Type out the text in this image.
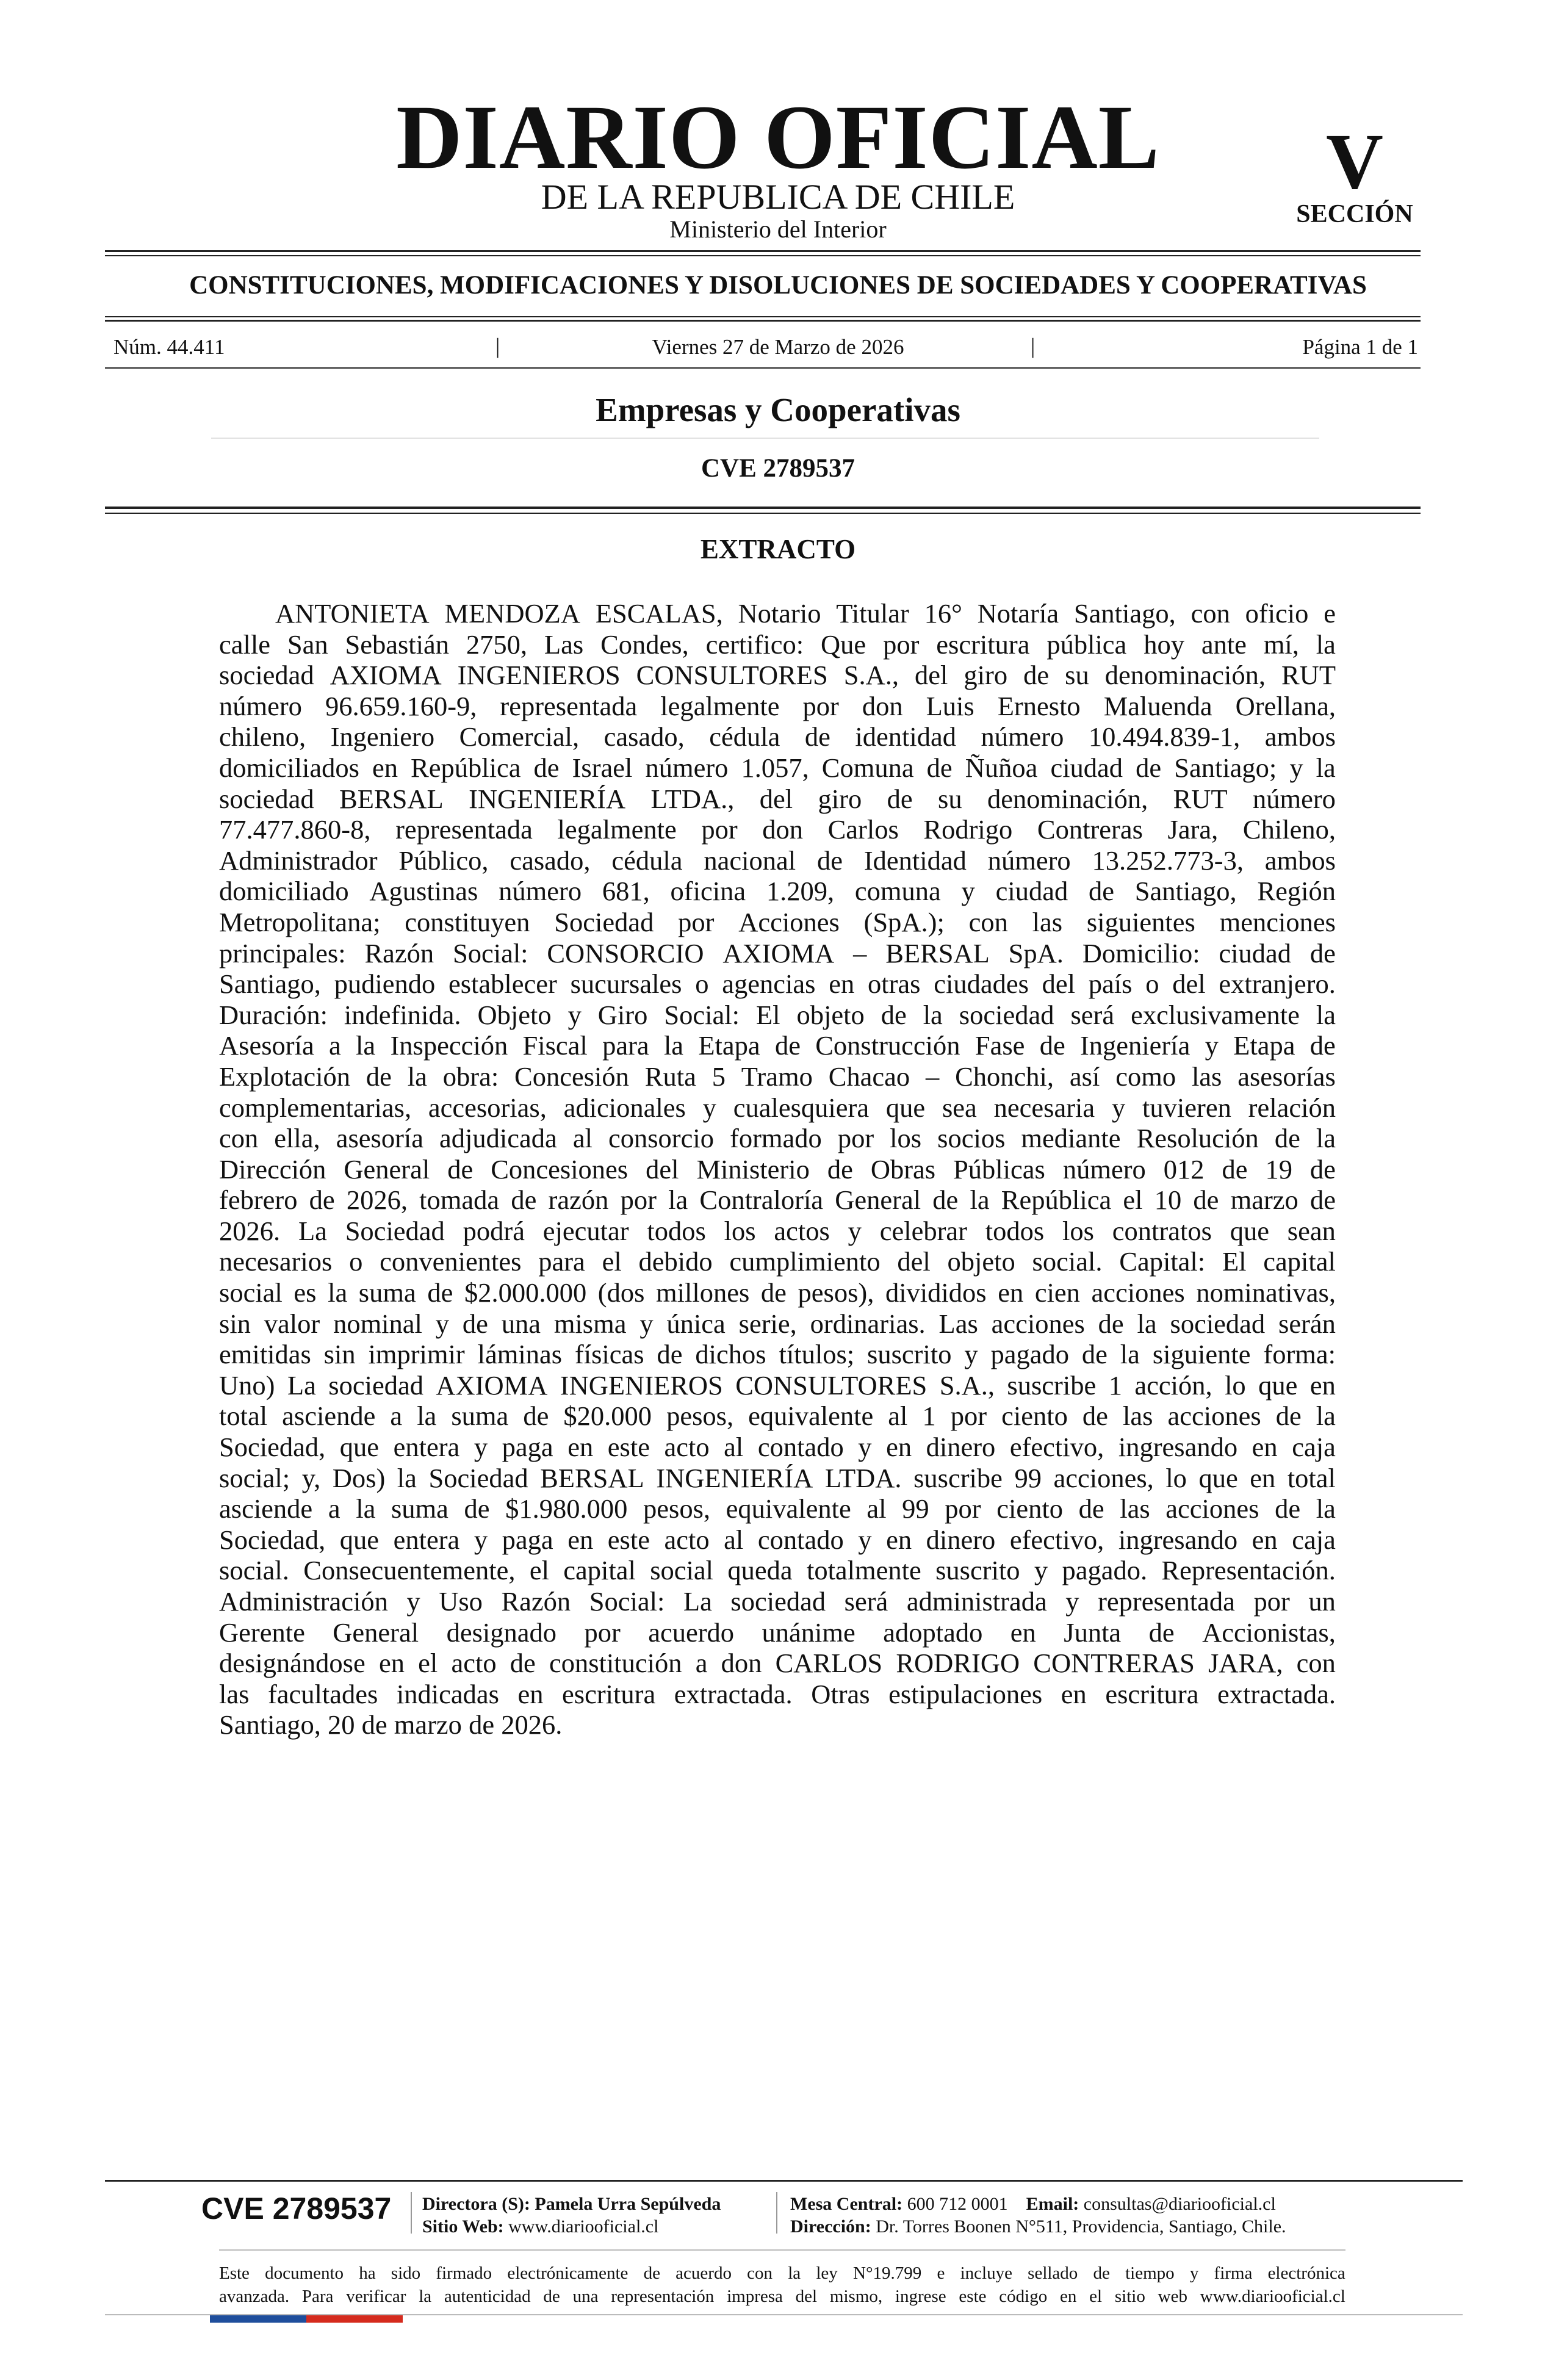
DIARIO OFICIAL
DE LA REPUBLICA DE CHILE
Ministerio del Interior
V
SECCIÓN
CONSTITUCIONES, MODIFICACIONES Y DISOLUCIONES DE SOCIEDADES Y COOPERATIVAS
Núm. 44.411	|	Viernes 27 de Marzo de 2026	|	Página 1 de 1
Empresas y Cooperativas
CVE 2789537
EXTRACTO
ANTONIETA MENDOZA ESCALAS, Notario Titular 16° Notaría Santiago, con oficio e
calle San Sebastián 2750, Las Condes, certifico: Que por escritura pública hoy ante mí, la
sociedad AXIOMA INGENIEROS CONSULTORES S.A., del giro de su denominación, RUT
número 96.659.160-9, representada legalmente por don Luis Ernesto Maluenda Orellana,
chileno, Ingeniero Comercial, casado, cédula de identidad número 10.494.839-1, ambos
domiciliados en República de Israel número 1.057, Comuna de Ñuñoa ciudad de Santiago; y la
sociedad BERSAL INGENIERÍA LTDA., del giro de su denominación, RUT número
77.477.860-8, representada legalmente por don Carlos Rodrigo Contreras Jara, Chileno,
Administrador Público, casado, cédula nacional de Identidad número 13.252.773-3, ambos
domiciliado Agustinas número 681, oficina 1.209, comuna y ciudad de Santiago, Región
Metropolitana; constituyen Sociedad por Acciones (SpA.); con las siguientes menciones
principales: Razón Social: CONSORCIO AXIOMA – BERSAL SpA. Domicilio: ciudad de
Santiago, pudiendo establecer sucursales o agencias en otras ciudades del país o del extranjero.
Duración: indefinida. Objeto y Giro Social: El objeto de la sociedad será exclusivamente la
Asesoría a la Inspección Fiscal para la Etapa de Construcción Fase de Ingeniería y Etapa de
Explotación de la obra: Concesión Ruta 5 Tramo Chacao – Chonchi, así como las asesorías
complementarias, accesorias, adicionales y cualesquiera que sea necesaria y tuvieren relación
con ella, asesoría adjudicada al consorcio formado por los socios mediante Resolución de la
Dirección General de Concesiones del Ministerio de Obras Públicas número 012 de 19 de
febrero de 2026, tomada de razón por la Contraloría General de la República el 10 de marzo de
2026. La Sociedad podrá ejecutar todos los actos y celebrar todos los contratos que sean
necesarios o convenientes para el debido cumplimiento del objeto social. Capital: El capital
social es la suma de $2.000.000 (dos millones de pesos), divididos en cien acciones nominativas,
sin valor nominal y de una misma y única serie, ordinarias. Las acciones de la sociedad serán
emitidas sin imprimir láminas físicas de dichos títulos; suscrito y pagado de la siguiente forma:
Uno) La sociedad AXIOMA INGENIEROS CONSULTORES S.A., suscribe 1 acción, lo que en
total asciende a la suma de $20.000 pesos, equivalente al 1 por ciento de las acciones de la
Sociedad, que entera y paga en este acto al contado y en dinero efectivo, ingresando en caja
social; y, Dos) la Sociedad BERSAL INGENIERÍA LTDA. suscribe 99 acciones, lo que en total
asciende a la suma de $1.980.000 pesos, equivalente al 99 por ciento de las acciones de la
Sociedad, que entera y paga en este acto al contado y en dinero efectivo, ingresando en caja
social. Consecuentemente, el capital social queda totalmente suscrito y pagado. Representación.
Administración y Uso Razón Social: La sociedad será administrada y representada por un
Gerente General designado por acuerdo unánime adoptado en Junta de Accionistas,
designándose en el acto de constitución a don CARLOS RODRIGO CONTRERAS JARA, con
las facultades indicadas en escritura extractada. Otras estipulaciones en escritura extractada.
Santiago, 20 de marzo de 2026.
CVE 2789537 Directora (S): Pamela Urra Sepúlveda
Sitio Web: www.diariooficial.cl
Mesa Central: 600 712 0001 Email: consultas@diariooficial.cl
Dirección: Dr. Torres Boonen N°511, Providencia, Santiago, Chile.
Este documento ha sido firmado electrónicamente de acuerdo con la ley N°19.799 e incluye sellado de tiempo y firma electrónica
avanzada. Para verificar la autenticidad de una representación impresa del mismo, ingrese este código en el sitio web www.diariooficial.cl
